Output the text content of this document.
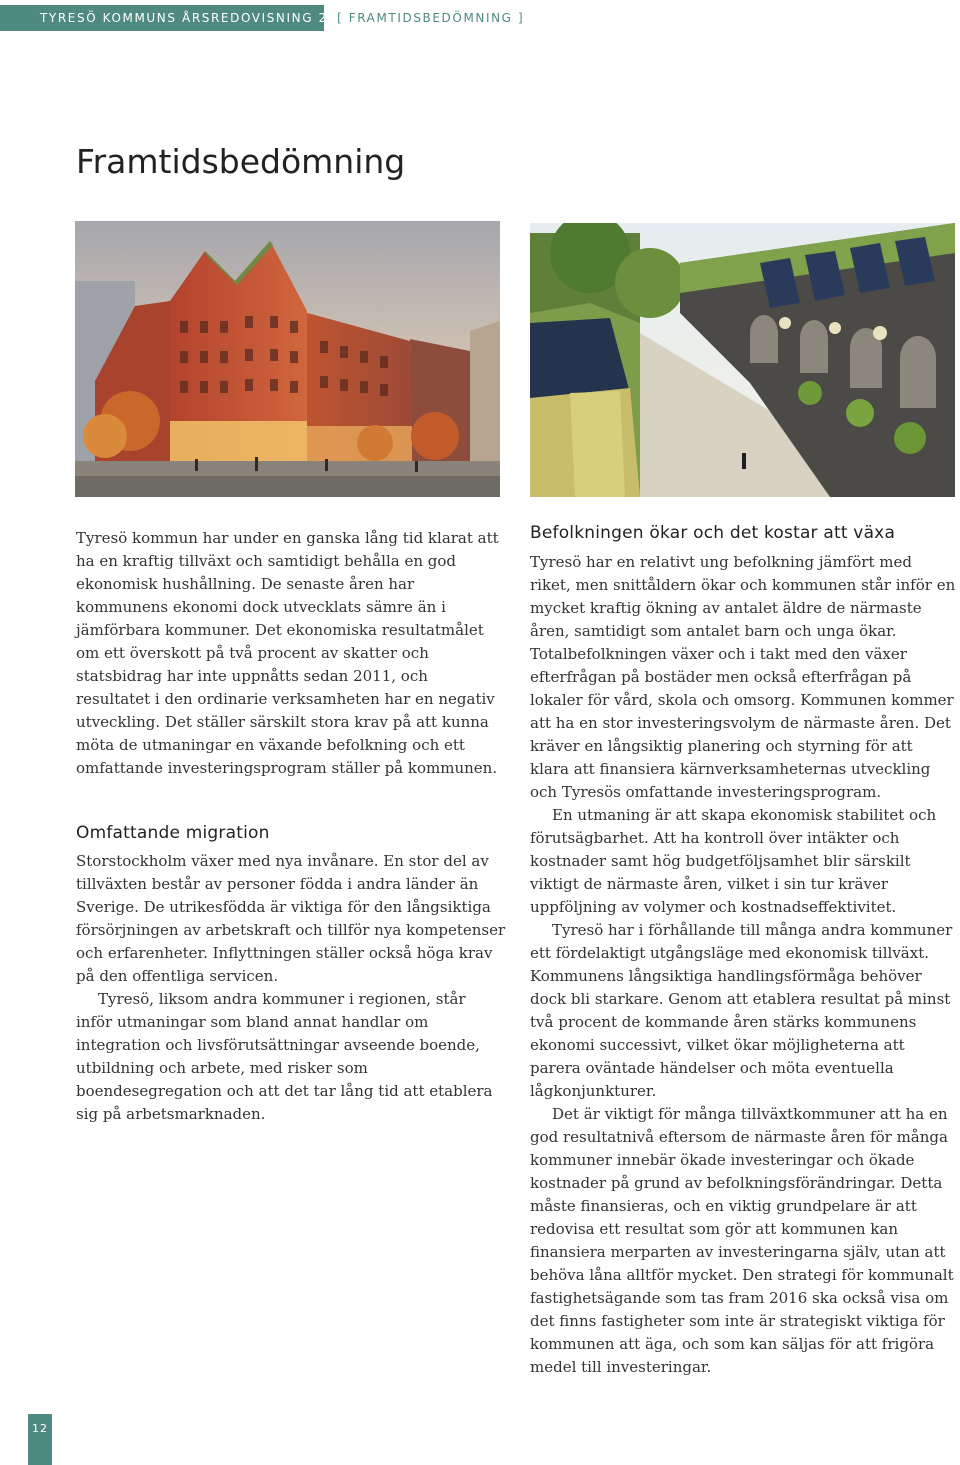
TYRESÖ KOMMUNS ÅRSREDOVISNING 2015
[ FRAMTIDSBEDÖMNING ]
Framtidsbedömning

Tyresö kommun har under en ganska lång tid klarat att ha en kraftig tillväxt och samtidigt behålla en god ekonomisk hushållning. De senaste åren har kommunens ekonomi dock utvecklats sämre än i jämförbara kommuner. Det ekonomiska resultatmålet om ett överskott på två procent av skatter och statsbidrag har inte uppnåtts sedan 2011, och resultatet i den ordinarie verksamheten har en negativ utveckling. Det ställer särskilt stora krav på att kunna möta de utmaningar en växande befolkning och ett omfattande investeringsprogram ställer på kommunen.

Omfattande migration

Storstockholm växer med nya invånare. En stor del av tillväxten består av personer födda i andra länder än Sverige. De utrikesfödda är viktiga för den långsiktiga försörjningen av arbetskraft och tillför nya kompetenser och erfarenheter. Inflyttningen ställer också höga krav på den offentliga servicen.

Tyresö, liksom andra kommuner i regionen, står inför utmaningar som bland annat handlar om integration och livsförutsättningar avseende boende, utbildning och arbete, med risker som boendesegregation och att det tar lång tid att etablera sig på arbetsmarknaden.

Befolkningen ökar och det kostar att växa

Tyresö har en relativt ung befolkning jämfört med riket, men snittåldern ökar och kommunen står inför en mycket kraftig ökning av antalet äldre de närmaste åren, samtidigt som antalet barn och unga ökar. Totalbefolkningen växer och i takt med den växer efterfrågan på bostäder men också efterfrågan på lokaler för vård, skola och omsorg. Kommunen kommer att ha en stor investeringsvolym de närmaste åren. Det kräver en långsiktig planering och styrning för att klara att finansiera kärnverksamheternas utveckling och Tyresös omfattande investeringsprogram.

En utmaning är att skapa ekonomisk stabilitet och förutsägbarhet. Att ha kontroll över intäkter och kostnader samt hög budgetföljsamhet blir särskilt viktigt de närmaste åren, vilket i sin tur kräver uppföljning av volymer och kostnadseffektivitet.

Tyresö har i förhållande till många andra kommuner ett fördelaktigt utgångsläge med ekonomisk tillväxt. Kommunens långsiktiga handlingsförmåga behöver dock bli starkare. Genom att etablera resultat på minst två procent de kommande åren stärks kommunens ekonomi successivt, vilket ökar möjligheterna att parera oväntade händelser och möta eventuella lågkonjunkturer.

Det är viktigt för många tillväxtkommuner att ha en god resultatnivå eftersom de närmaste åren för många kommuner innebär ökade investeringar och ökade kostnader på grund av befolkningsförändringar. Detta måste finansieras, och en viktig grundpelare är att redovisa ett resultat som gör att kommunen kan finansiera merparten av investeringarna själv, utan att behöva låna alltför mycket. Den strategi för kommunalt fastighetsägande som tas fram 2016 ska också visa om det finns fastigheter som inte är strategiskt viktiga för kommunen att äga, och som kan säljas för att frigöra medel till investeringar.

12
